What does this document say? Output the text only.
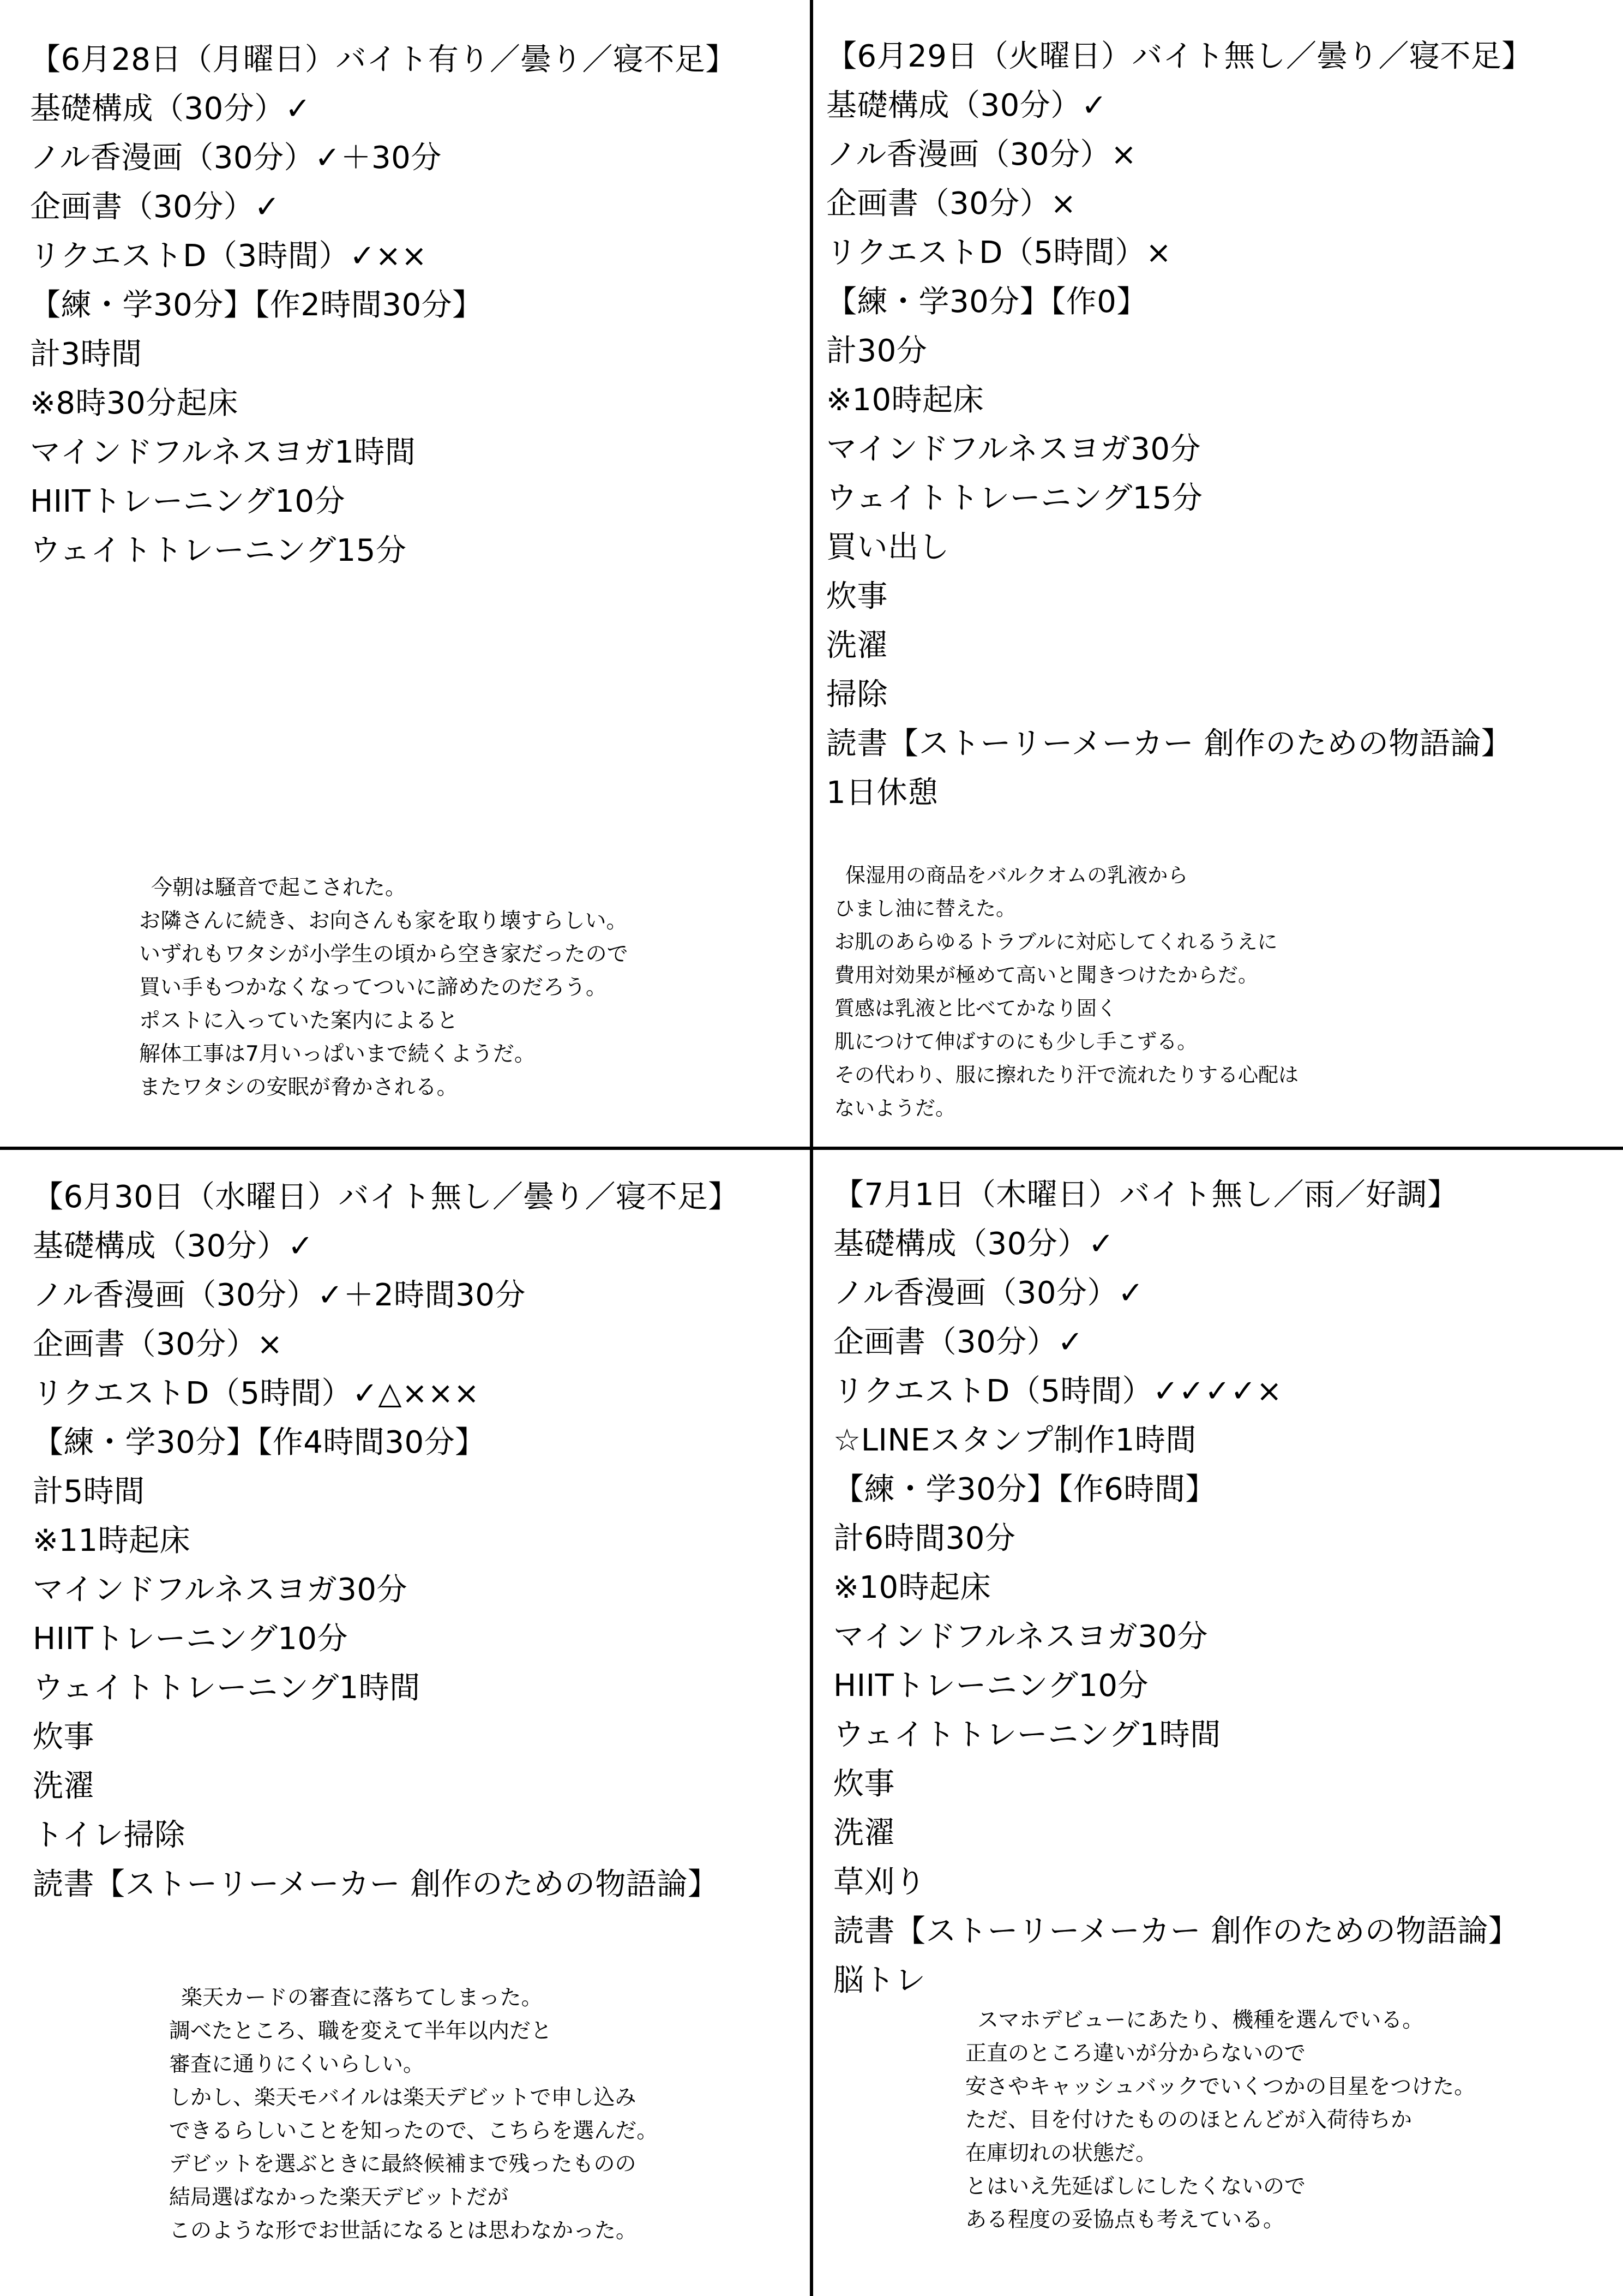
【6月28日（月曜日）バイト有り／曇り／寝不足】
基礎構成（30分）✓
ノル香漫画（30分）✓＋30分
企画書（30分）✓
リクエストD（3時間）✓××
【練・学30分】【作2時間30分】
計3時間
※8時30分起床
マインドフルネスヨガ1時間
HIITトレーニング10分
ウェイトトレーニング15分

今朝は騒音で起こされた。

お隣さんに続き、お向さんも家を取り壊すらしい。

いずれもワタシが小学生の頃から空き家だったので

買い手もつかなくなってついに諦めたのだろう。

ポストに入っていた案内によると

解体工事は7月いっぱいまで続くようだ。

またワタシの安眠が脅かされる。

【6月29日（火曜日）バイト無し／曇り／寝不足】
基礎構成（30分）✓
ノル香漫画（30分）×
企画書（30分）×
リクエストD（5時間）×
【練・学30分】【作0】
計30分
※10時起床
マインドフルネスヨガ30分
ウェイトトレーニング15分
買い出し
炊事
洗濯
掃除
読書【ストーリーメーカー 創作のための物語論】
1日休憩

保湿用の商品をバルクオムの乳液から

ひまし油に替えた。

お肌のあらゆるトラブルに対応してくれるうえに

費用対効果が極めて高いと聞きつけたからだ。

質感は乳液と比べてかなり固く

肌につけて伸ばすのにも少し手こずる。

その代わり、服に擦れたり汗で流れたりする心配は

ないようだ。

【6月30日（水曜日）バイト無し／曇り／寝不足】
基礎構成（30分）✓
ノル香漫画（30分）✓＋2時間30分
企画書（30分）×
リクエストD（5時間）✓△×××
【練・学30分】【作4時間30分】
計5時間
※11時起床
マインドフルネスヨガ30分
HIITトレーニング10分
ウェイトトレーニング1時間
炊事
洗濯
トイレ掃除
読書【ストーリーメーカー 創作のための物語論】

楽天カードの審査に落ちてしまった。

調べたところ、職を変えて半年以内だと

審査に通りにくいらしい。

しかし、楽天モバイルは楽天デビットで申し込み

できるらしいことを知ったので、こちらを選んだ。

デビットを選ぶときに最終候補まで残ったものの

結局選ばなかった楽天デビットだが

このような形でお世話になるとは思わなかった。

【7月1日（木曜日）バイト無し／雨／好調】
基礎構成（30分）✓
ノル香漫画（30分）✓
企画書（30分）✓
リクエストD（5時間）✓✓✓✓×
☆LINEスタンプ制作1時間
【練・学30分】【作6時間】
計6時間30分
※10時起床
マインドフルネスヨガ30分
HIITトレーニング10分
ウェイトトレーニング1時間
炊事
洗濯
草刈り
読書【ストーリーメーカー 創作のための物語論】
脳トレ

スマホデビューにあたり、機種を選んでいる。

正直のところ違いが分からないので

安さやキャッシュバックでいくつかの目星をつけた。

ただ、目を付けたもののほとんどが入荷待ちか

在庫切れの状態だ。

とはいえ先延ばしにしたくないので

ある程度の妥協点も考えている。
